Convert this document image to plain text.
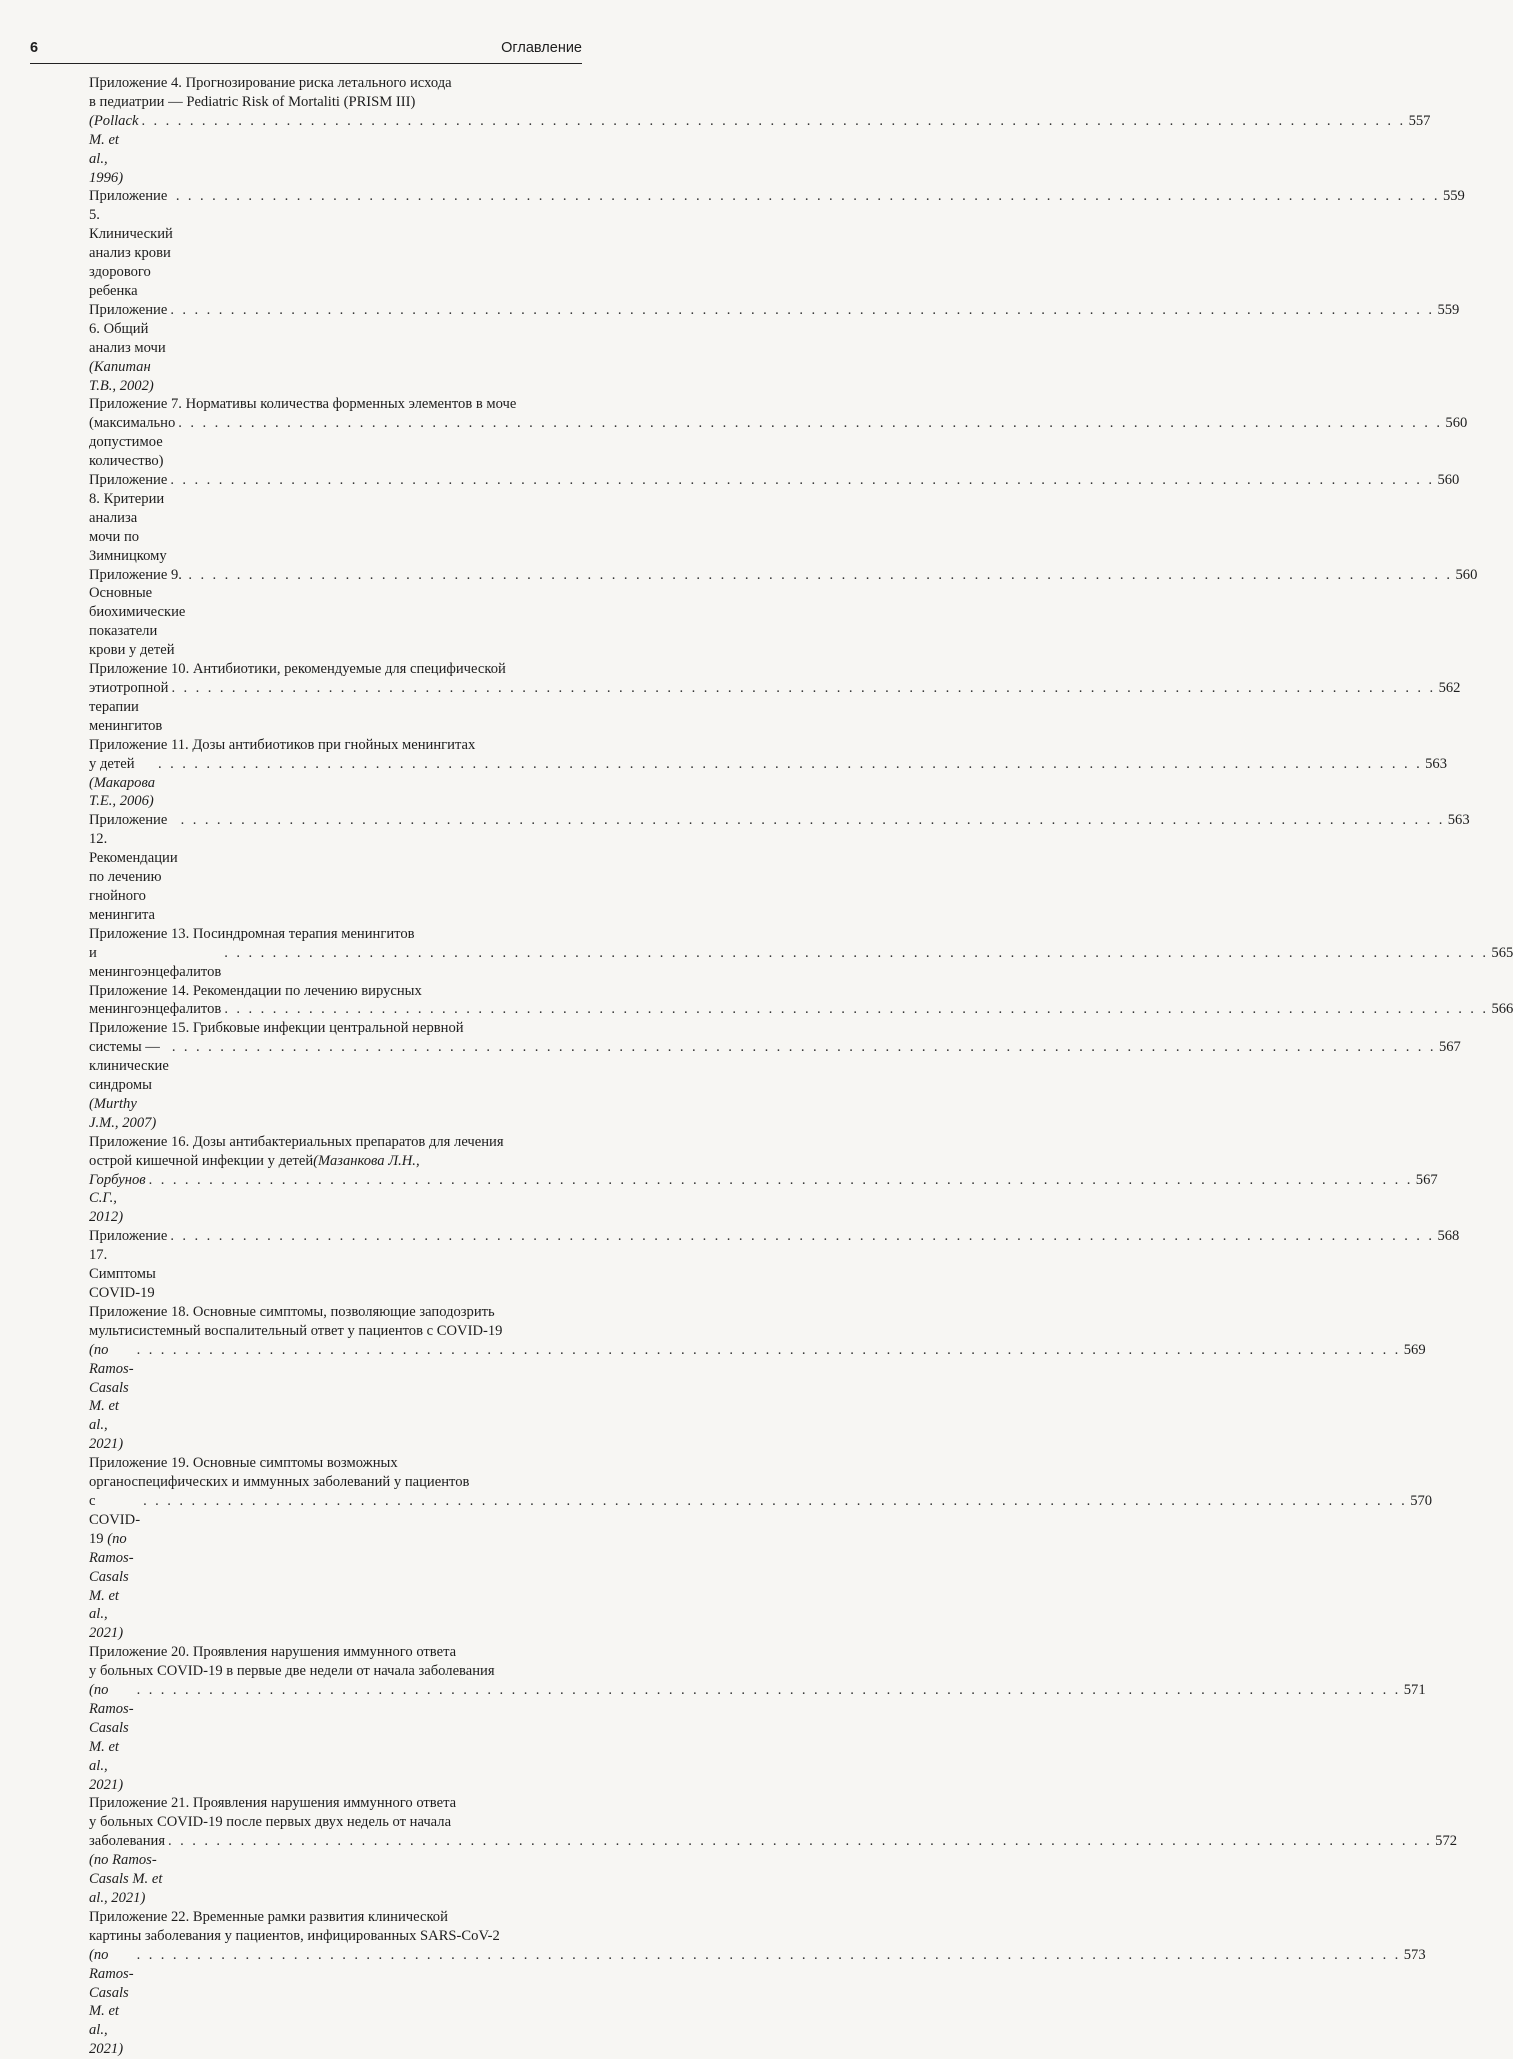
6	Оглавление
Приложение 4. Прогнозирование риска летального исхода
в педиатрии — Pediatric Risk of Mortaliti (PRISM III)
(Pollack M. et al., 1996)
. . .
557
Приложение 5. Клинический анализ крови здорового ребенка
. . .
559
Приложение 6. Общий анализ мочи (Капитан Т.В., 2002)
. . .
559
Приложение 7. Нормативы количества форменных элементов в моче
(максимально допустимое количество)
. . .
560
Приложение 8. Критерии анализа мочи по Зимницкому
. . .
560
Приложение 9. Основные биохимические показатели крови у детей
. . .
560
Приложение 10. Антибиотики, рекомендуемые для специфической
этиотропной терапии менингитов
. . .
562
Приложение 11. Дозы антибиотиков при гнойных менингитах
у детей (Макарова Т.Е., 2006)
. . .
563
Приложение 12. Рекомендации по лечению гнойного менингита
. . .
563
Приложение 13. Посиндромная терапия менингитов
и менингоэнцефалитов
. . .
565
Приложение 14. Рекомендации по лечению вирусных
менингоэнцефалитов
. . .	566
Приложение 15. Грибковые инфекции центральной нервной
системы — клинические синдромы (Murthy J.M., 2007)
. . .
567
Приложение 16. Дозы антибактериальных препаратов для лечения
острой кишечной инфекции у детей (Мазанкова Л.Н.,
Горбунов С.Г., 2012)
. . .
567
Приложение 17. Симптомы COVID-19
. . .
568
Приложение 18. Основные симптомы, позволяющие заподозрить
мультисистемный воспалительный ответ у пациентов с COVID-19
(по Ramos-Casals M. et al., 2021)
. . .
569
Приложение 19. Основные симптомы возможных
органоспецифических и иммунных заболеваний у пациентов
с COVID-19 (по Ramos-Casals M. et al., 2021)
. . .
570
Приложение 20. Проявления нарушения иммунного ответа
у больных COVID-19 в первые две недели от начала заболевания
(по Ramos-Casals M. et al., 2021)
. . .
571
Приложение 21. Проявления нарушения иммунного ответа
у больных COVID-19 после первых двух недель от начала
заболевания (по Ramos-Casals M. et al., 2021)
. . .
572
Приложение 22. Временные рамки развития клинической
картины заболевания у пациентов, инфицированных SARS-CoV-2
(по Ramos-Casals M. et al., 2021)
. . .
573
